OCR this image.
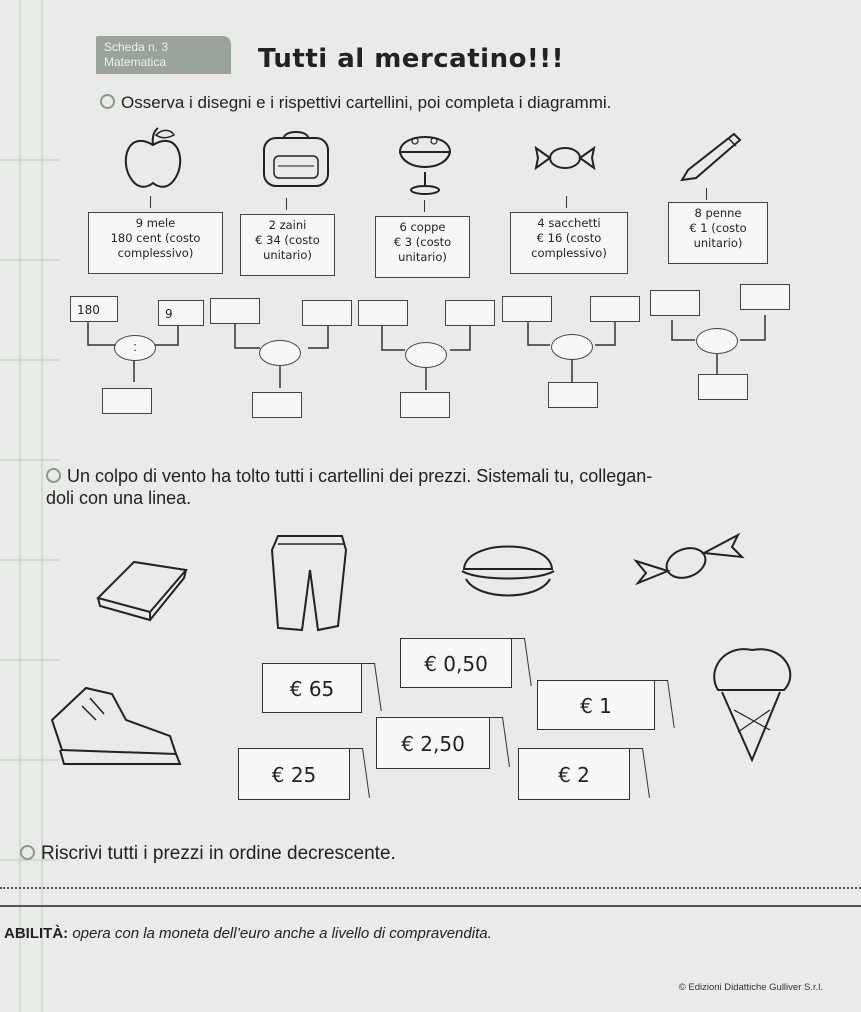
Scheda n. 3
Matematica	Tutti al mercatino!!!
Osserva i disegni e i rispettivi cartellini, poi completa i diagrammi.
9 mele
180 cent (costo
complessivo)
2 zaini
€ 34 (costo
unitario)
6 coppe
€ 3 (costo
unitario)
4 sacchetti
€ 16 (costo
complessivo)
8 penne
€ 1 (costo
unitario)
180	9
:
Un colpo di vento ha tolto tutti i cartellini dei prezzi. Sistemali tu, collegan-
doli con una linea.
€ 0,50
€ 65
€ 1
€ 2,50
€ 25	€ 2
Riscrivi tutti i prezzi in ordine decrescente.
ABILITÀ: opera con la moneta dell’euro anche a livello di compravendita.
© Edizioni Didattiche Gulliver S.r.l.
